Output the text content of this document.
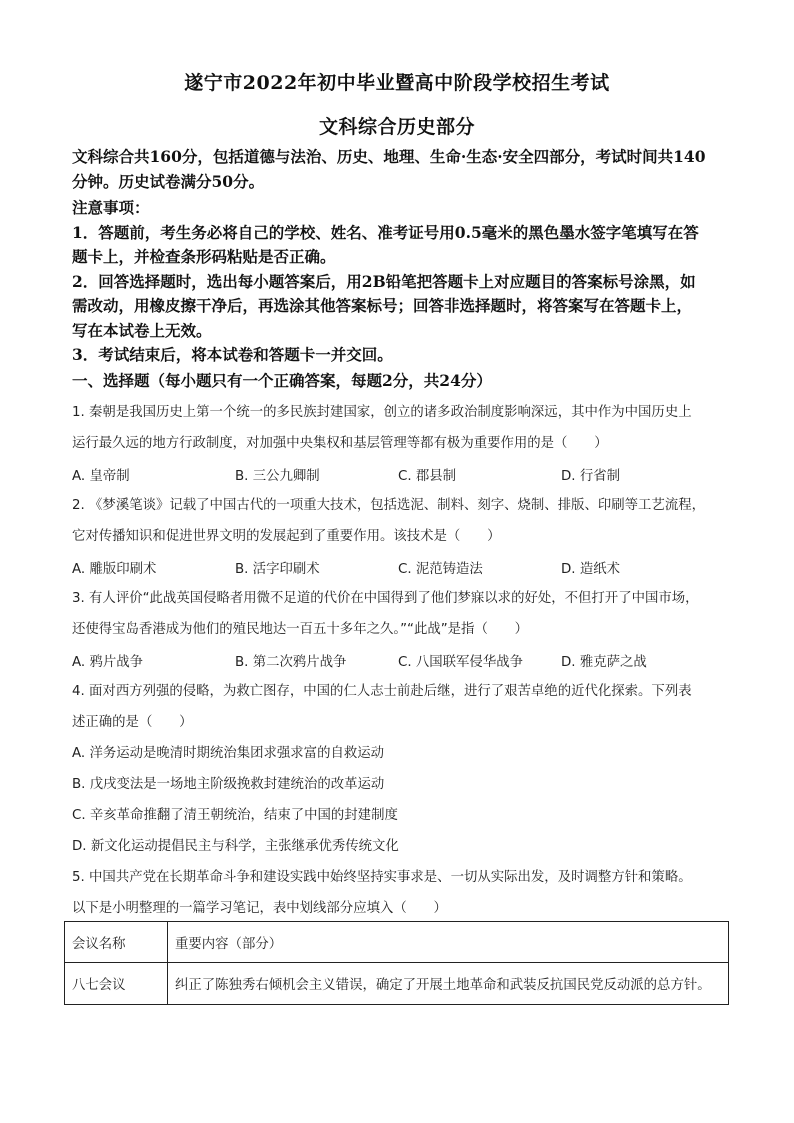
遂宁市2022年初中毕业暨高中阶段学校招生考试
文科综合历史部分
文科综合共160分，包括道德与法治、历史、地理、生命·生态·安全四部分，考试时间共140
分钟。历史试卷满分50分。

注意事项：

1．答题前，考生务必将自己的学校、姓名、准考证号用0.5毫米的黑色墨水签字笔填写在答

题卡上，并检查条形码粘贴是否正确。

2．回答选择题时，选出每小题答案后，用2B铅笔把答题卡上对应题目的答案标号涂黑，如

需改动，用橡皮擦干净后，再选涂其他答案标号；回答非选择题时，将答案写在答题卡上，

写在本试卷上无效。

3．考试结束后，将本试卷和答题卡一并交回。

一、选择题（每小题只有一个正确答案，每题2分，共24分）

1. 秦朝是我国历史上第一个统一的多民族封建国家，创立的诸多政治制度影响深远，其中作为中国历史上

运行最久远的地方行政制度，对加强中央集权和基层管理等都有极为重要作用的是（　　）

A. 皇帝制	B. 三公九卿制	C. 郡县制	D. 行省制

2. 《梦溪笔谈》记载了中国古代的一项重大技术，包括选泥、制料、刻字、烧制、排版、印刷等工艺流程，

它对传播知识和促进世界文明的发展起到了重要作用。该技术是（　　）

A. 雕版印刷术	B. 活字印刷术	C. 泥范铸造法	D. 造纸术

3. 有人评价“此战英国侵略者用微不足道的代价在中国得到了他们梦寐以求的好处，不但打开了中国市场，

还使得宝岛香港成为他们的殖民地达一百五十多年之久。”“此战”是指（　　）

A. 鸦片战争	B. 第二次鸦片战争	C. 八国联军侵华战争	D. 雅克萨之战

4. 面对西方列强的侵略，为救亡图存，中国的仁人志士前赴后继，进行了艰苦卓绝的近代化探索。下列表

述正确的是（　　）

A. 洋务运动是晚清时期统治集团求强求富的自救运动
B. 戊戌变法是一场地主阶级挽救封建统治的改革运动
C. 辛亥革命推翻了清王朝统治，结束了中国的封建制度
D. 新文化运动提倡民主与科学，主张继承优秀传统文化

5. 中国共产党在长期革命斗争和建设实践中始终坚持实事求是、一切从实际出发，及时调整方针和策略。

以下是小明整理的一篇学习笔记，表中划线部分应填入（　　）

会议名称	重要内容（部分）
八七会议	纠正了陈独秀右倾机会主义错误，确定了开展土地革命和武装反抗国民党反动派的总方针。
